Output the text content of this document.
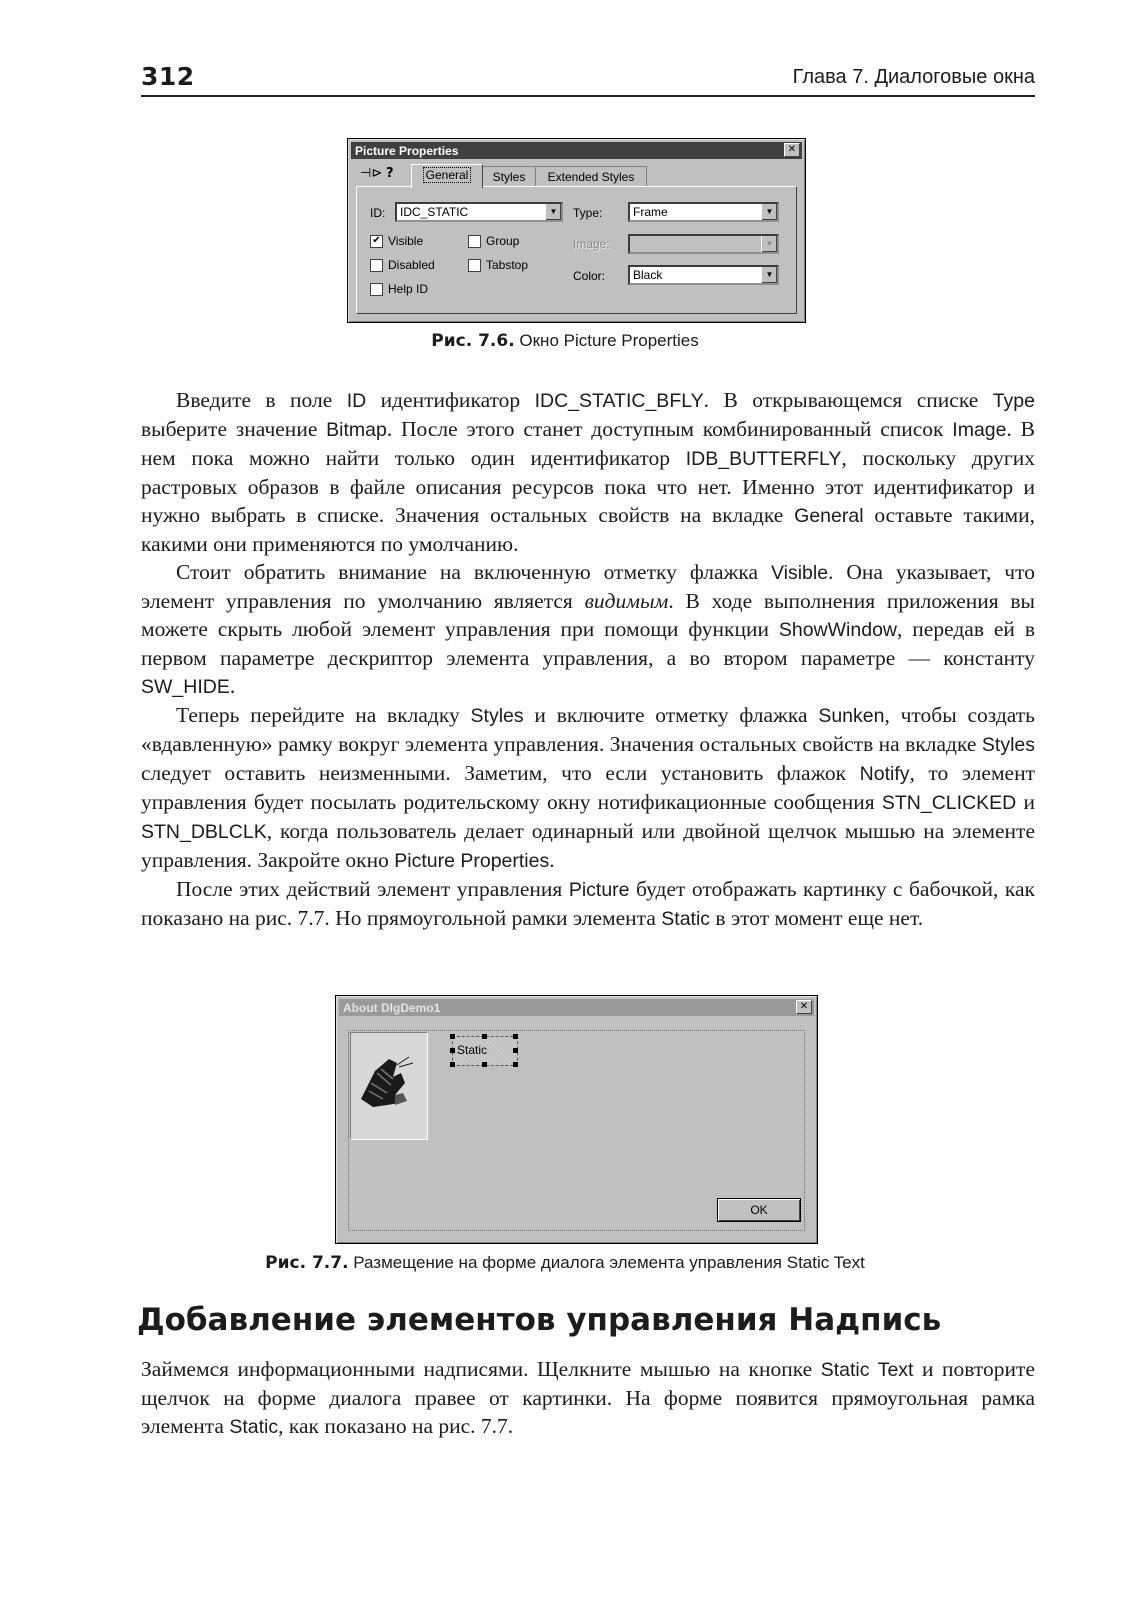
312	Глава 7. Диалоговые окна
Picture Properties	✕
⊣⊳ ?	General	Styles	Extended Styles
ID:	IDC_STATIC	▼
✔ Visible	Group
Disabled	Tabstop
Help ID
Type:	Frame	▼
Image:	▼
Color:	Black	▼
Рис. 7.6. Окно Picture Properties

Введите в поле ID идентификатор IDC_STATIC_BFLY. В открывающемся списке Type выберите значение Bitmap. После этого станет доступным комбинированный список Image. В нем пока можно найти только один идентификатор IDB_BUTTERFLY, поскольку других растровых образов в файле описания ресурсов пока что нет. Именно этот идентификатор и нужно выбрать в списке. Значения остальных свойств на вкладке General оставьте такими, какими они применяются по умолчанию.

Стоит обратить внимание на включенную отметку флажка Visible. Она указывает, что элемент управления по умолчанию является видимым. В ходе выполнения приложения вы можете скрыть любой элемент управления при помощи функции ShowWindow, передав ей в первом параметре дескриптор элемента управления, а во втором параметре — константу SW_HIDE.

Теперь перейдите на вкладку Styles и включите отметку флажка Sunken, чтобы создать «вдавленную» рамку вокруг элемента управления. Значения остальных свойств на вкладке Styles следует оставить неизменными. Заметим, что если установить флажок Notify, то элемент управления будет посылать родительскому окну нотификационные сообщения STN_CLICKED и STN_DBLCLK, когда пользователь делает одинарный или двойной щелчок мышью на элементе управления. Закройте окно Picture Properties.

После этих действий элемент управления Picture будет отображать картинку с бабочкой, как показано на рис. 7.7. Но прямоугольной рамки элемента Static в этот момент еще нет.

About DlgDemo1	✕
Static
OK
Рис. 7.7. Размещение на форме диалога элемента управления Static Text
Добавление элементов управления Надпись

Займемся информационными надписями. Щелкните мышью на кнопке Static Text и повторите щелчок на форме диалога правее от картинки. На форме появится прямоугольная рамка элемента Static, как показано на рис. 7.7.
